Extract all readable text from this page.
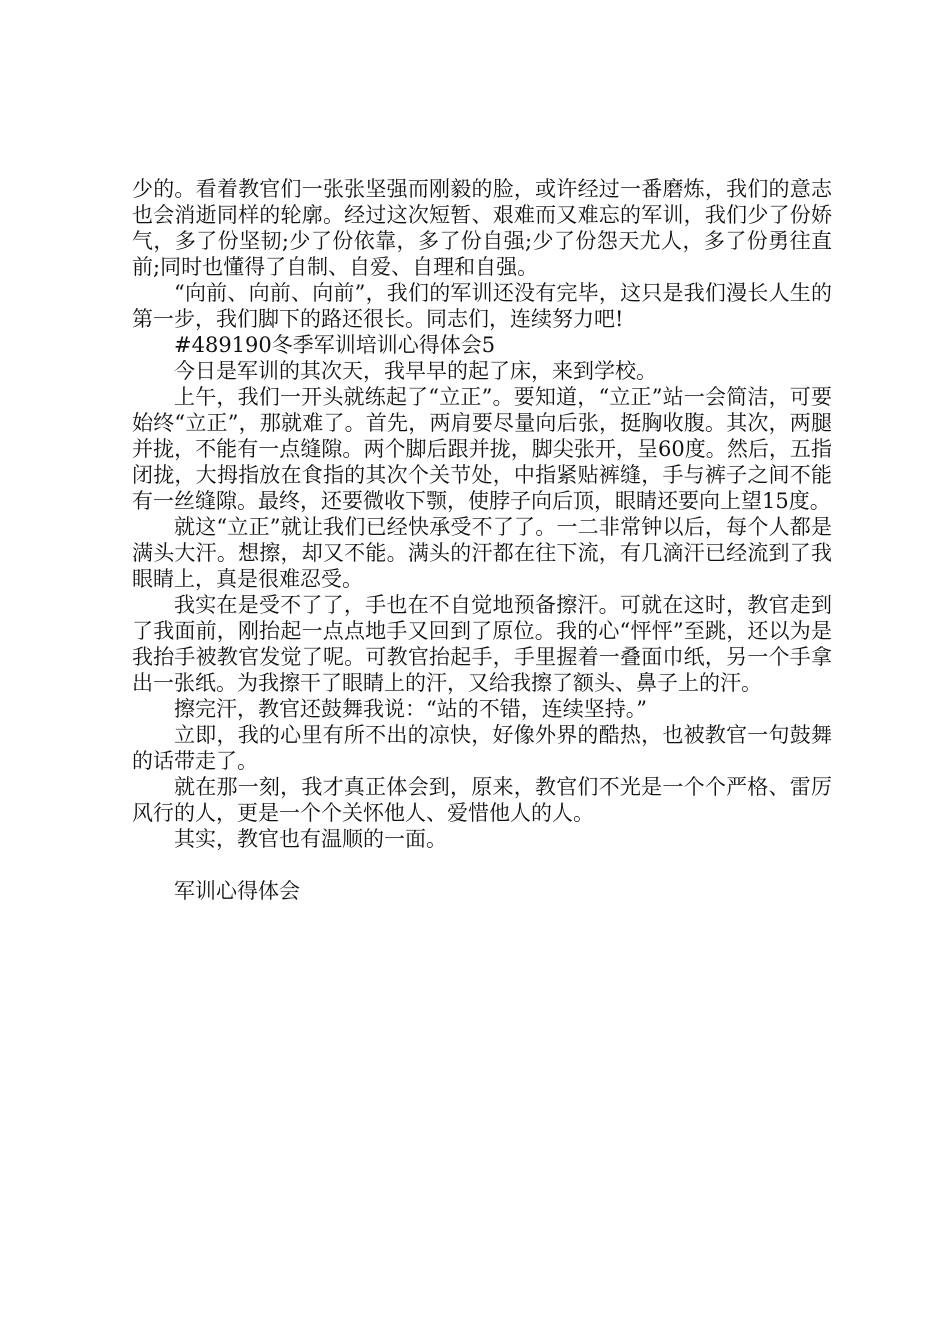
少的。看着教官们一张张坚强而刚毅的脸，或许经过一番磨炼，我们的意志也会消逝同样的轮廓。经过这次短暂、艰难而又难忘的军训，我们少了份娇气，多了份坚韧;少了份依靠，多了份自强;少了份怨天尤人，多了份勇往直前;同时也懂得了自制、自爱、自理和自强。

“向前、向前、向前”，我们的军训还没有完毕，这只是我们漫长人生的第一步，我们脚下的路还很长。同志们，连续努力吧!

#489190冬季军训培训心得体会5

今日是军训的其次天，我早早的起了床，来到学校。

上午，我们一开头就练起了“立正”。要知道，“立正”站一会简洁，可要始终“立正”，那就难了。首先，两肩要尽量向后张，挺胸收腹。其次，两腿并拢，不能有一点缝隙。两个脚后跟并拢，脚尖张开，呈60度。然后，五指闭拢，大拇指放在食指的其次个关节处，中指紧贴裤缝，手与裤子之间不能有一丝缝隙。最终，还要微收下颚，使脖子向后顶，眼睛还要向上望15度。

就这“立正”就让我们已经快承受不了了。一二非常钟以后，每个人都是满头大汗。想擦，却又不能。满头的汗都在往下流，有几滴汗已经流到了我眼睛上，真是很难忍受。

我实在是受不了了，手也在不自觉地预备擦汗。可就在这时，教官走到了我面前，刚抬起一点点地手又回到了原位。我的心“怦怦”至跳，还以为是我抬手被教官发觉了呢。可教官抬起手，手里握着一叠面巾纸，另一个手拿出一张纸。为我擦干了眼睛上的汗，又给我擦了额头、鼻子上的汗。

擦完汗，教官还鼓舞我说：“站的不错，连续坚持。”

立即，我的心里有所不出的凉快，好像外界的酷热，也被教官一句鼓舞的话带走了。

就在那一刻，我才真正体会到，原来，教官们不光是一个个严格、雷厉风行的人，更是一个个关怀他人、爱惜他人的人。

其实，教官也有温顺的一面。

军训心得体会
